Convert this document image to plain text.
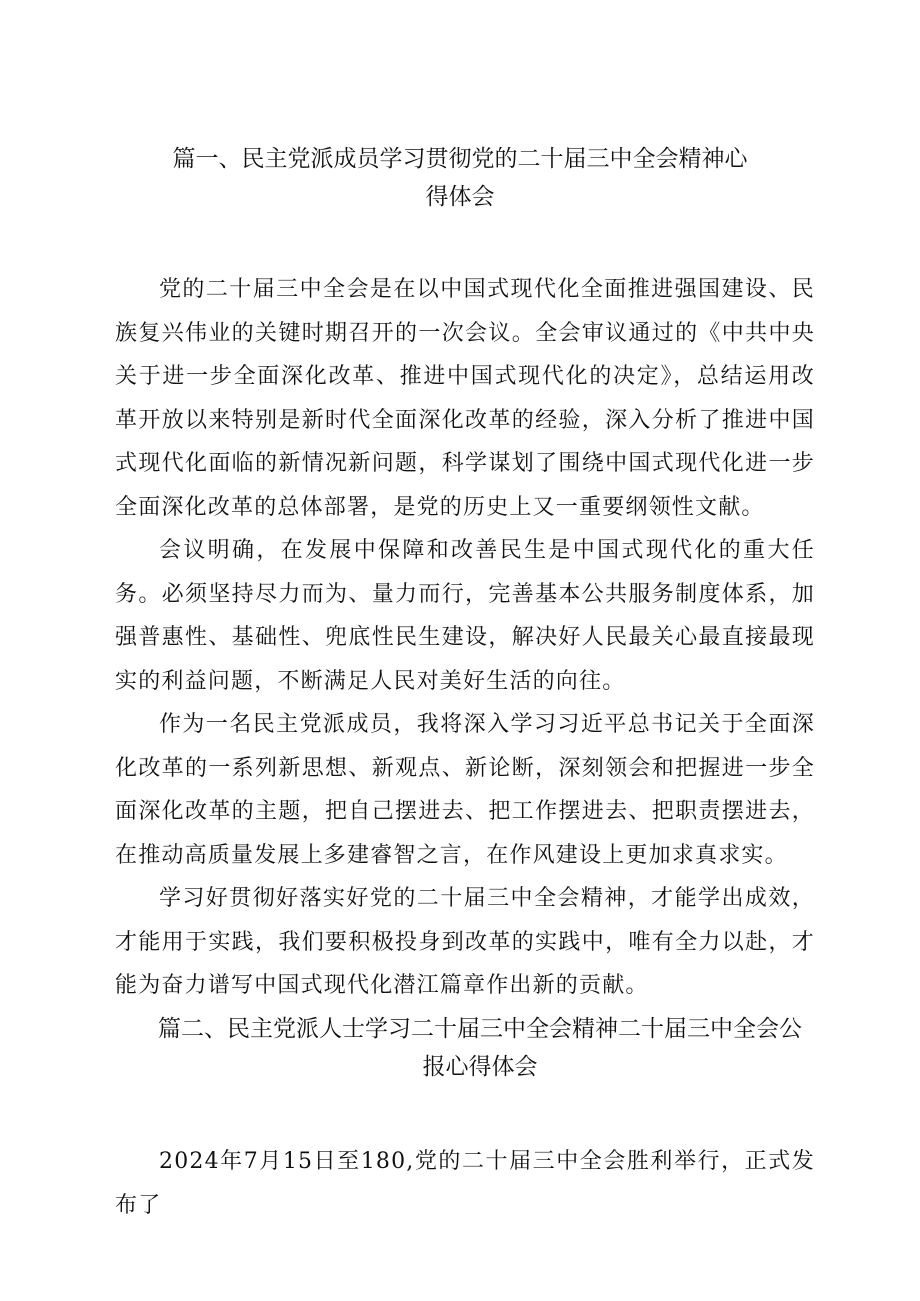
篇一、民主党派成员学习贯彻党的二十届三中全会精神心
得体会

党的二十届三中全会是在以中国式现代化全面推进强国建设、民族复兴伟业的关键时期召开的一次会议。全会审议通过的《中共中央关于进一步全面深化改革、推进中国式现代化的决定》，总结运用改革开放以来特别是新时代全面深化改革的经验，深入分析了推进中国式现代化面临的新情况新问题，科学谋划了围绕中国式现代化进一步全面深化改革的总体部署，是党的历史上又一重要纲领性文献。

会议明确，在发展中保障和改善民生是中国式现代化的重大任务。必须坚持尽力而为、量力而行，完善基本公共服务制度体系，加强普惠性、基础性、兜底性民生建设，解决好人民最关心最直接最现实的利益问题，不断满足人民对美好生活的向往。

作为一名民主党派成员，我将深入学习习近平总书记关于全面深化改革的一系列新思想、新观点、新论断，深刻领会和把握进一步全面深化改革的主题，把自己摆进去、把工作摆进去、把职责摆进去，在推动高质量发展上多建睿智之言，在作风建设上更加求真求实。

学习好贯彻好落实好党的二十届三中全会精神，才能学出成效，才能用于实践，我们要积极投身到改革的实践中，唯有全力以赴，才能为奋力谱写中国式现代化潜江篇章作出新的贡献。

篇二、民主党派人士学习二十届三中全会精神二十届三中全会公
报心得体会

2024年7月15日至180,党的二十届三中全会胜利举行，正式发布了
